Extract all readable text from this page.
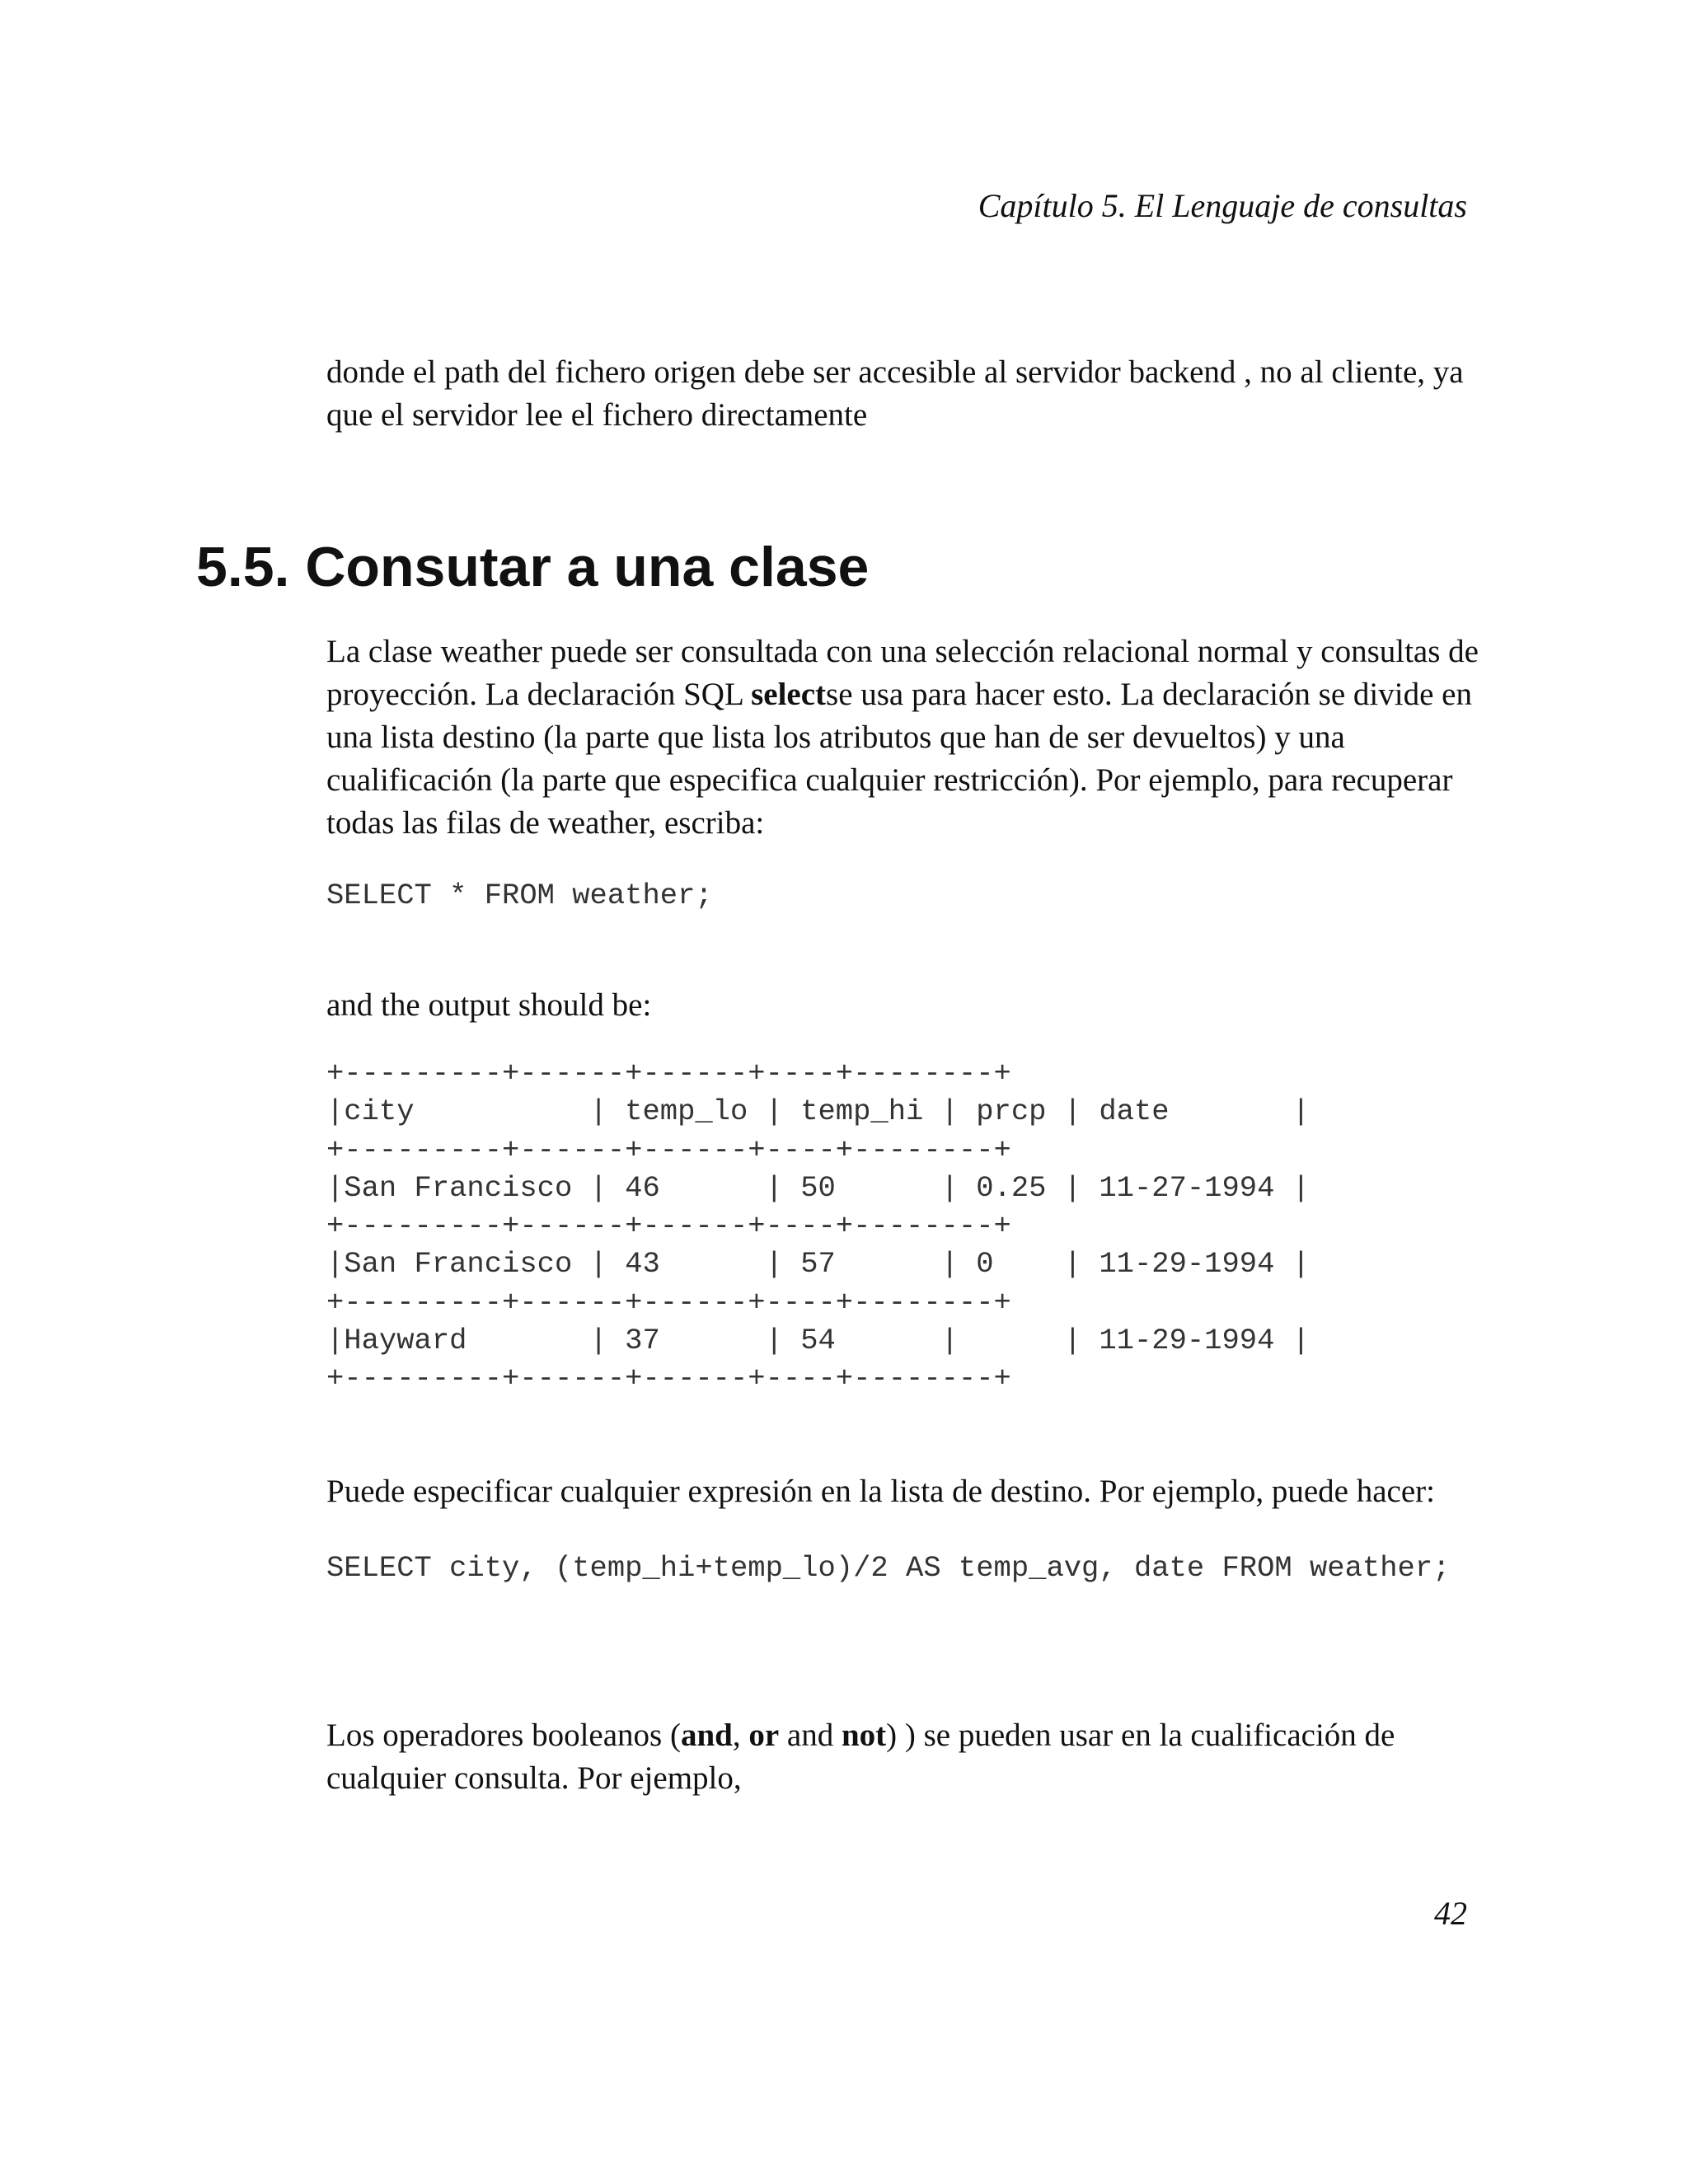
Capítulo 5. El Lenguaje de consultas

donde el path del fichero origen debe ser accesible al servidor backend , no al cliente, ya que el servidor lee el fichero directamente

5.5. Consutar a una clase

La clase weather puede ser consultada con una selección relacional normal y consultas de proyección. La declaración SQL selectse usa para hacer esto. La declaración se divide en una lista destino (la parte que lista los atributos que han de ser devueltos) y una cualificación (la parte que especifica cualquier restricción). Por ejemplo, para recuperar todas las filas de weather, escriba:

SELECT * FROM weather;

and the output should be:

+---------+------+------+----+--------+
|city          | temp_lo | temp_hi | prcp | date       |
+---------+------+------+----+--------+
|San Francisco | 46      | 50      | 0.25 | 11-27-1994 |
+---------+------+------+----+--------+
|San Francisco | 43      | 57      | 0    | 11-29-1994 |
+---------+------+------+----+--------+
|Hayward       | 37      | 54      |      | 11-29-1994 |
+---------+------+------+----+--------+

Puede especificar cualquier expresión en la lista de destino. Por ejemplo, puede hacer:

SELECT city, (temp_hi+temp_lo)/2 AS temp_avg, date FROM weather;

Los operadores booleanos (and, or and not) ) se pueden usar en la cualificación de cualquier consulta. Por ejemplo,

42
